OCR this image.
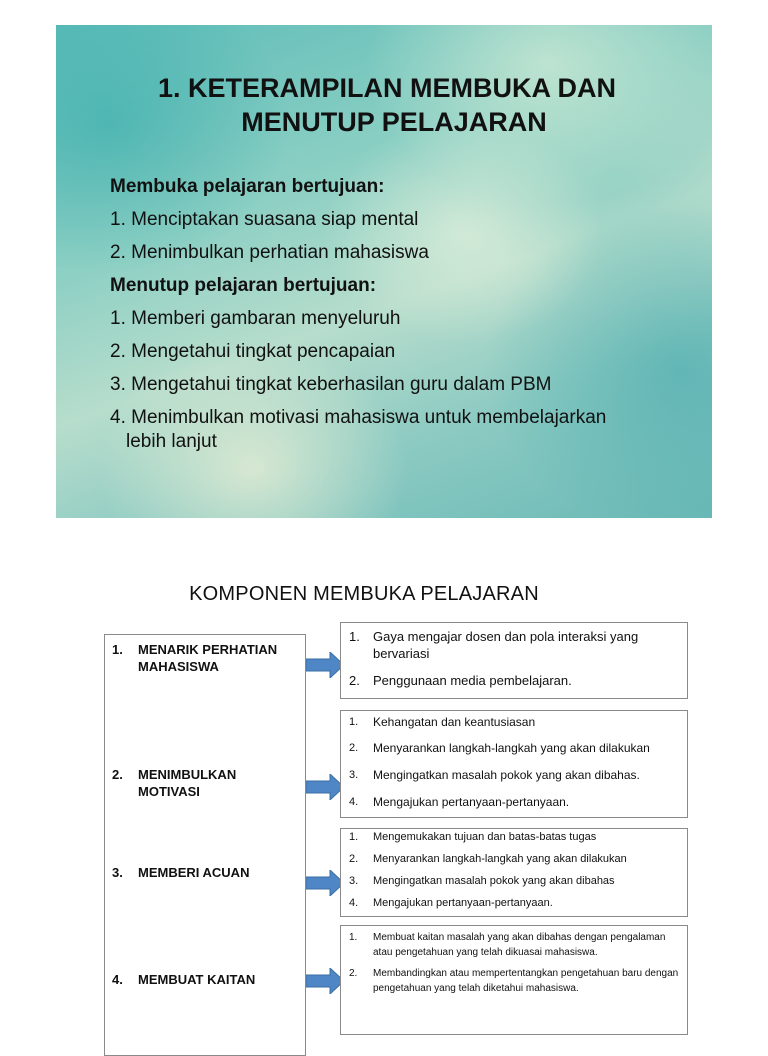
1. KETERAMPILAN MEMBUKA DAN
MENUTUP PELAJARAN
Membuka pelajaran bertujuan:
1. Menciptakan suasana siap mental
2. Menimbulkan perhatian mahasiswa
Menutup pelajaran bertujuan:
1. Memberi gambaran menyeluruh
2. Mengetahui tingkat pencapaian
3. Mengetahui tingkat keberhasilan guru dalam PBM
4. Menimbulkan motivasi mahasiswa untuk membelajarkan
lebih lanjut
KOMPONEN MEMBUKA PELAJARAN
1.	MENARIK PERHATIAN MAHASISWA
2.	MENIMBULKAN MOTIVASI
3.	MEMBERI ACUAN
4.	MEMBUAT KAITAN
1.	Gaya mengajar dosen dan pola interaksi yang bervariasi
2.	Penggunaan media pembelajaran.
1.	Kehangatan dan keantusiasan
2.	Menyarankan langkah-langkah yang akan dilakukan
3.	Mengingatkan masalah pokok yang akan dibahas.
4.	Mengajukan pertanyaan-pertanyaan.
1.	Mengemukakan tujuan dan batas-batas tugas
2.	Menyarankan langkah-langkah yang akan dilakukan
3.	Mengingatkan masalah pokok yang akan dibahas
4.	Mengajukan pertanyaan-pertanyaan.
1.	Membuat kaitan masalah yang akan dibahas dengan pengalaman atau pengetahuan yang telah dikuasai mahasiswa.
2.	Membandingkan atau mempertentangkan pengetahuan baru dengan pengetahuan yang telah diketahui mahasiswa.
